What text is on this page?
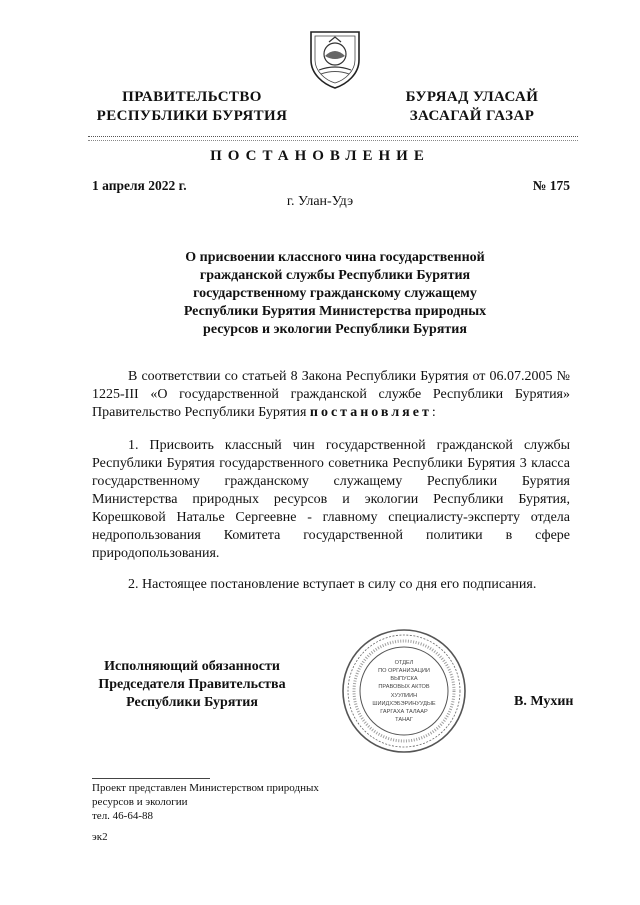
ПРАВИТЕЛЬСТВО
РЕСПУБЛИКИ БУРЯТИЯ
БУРЯАД УЛАСАЙ
ЗАСАГАЙ ГАЗАР
ПОСТАНОВЛЕНИЕ
1 апреля 2022 г.	№ 175
г. Улан-Удэ
О присвоении классного чина государственной
гражданской службы Республики Бурятия
государственному гражданскому служащему
Республики Бурятия Министерства природных
ресурсов и экологии Республики Бурятия
В соответствии со статьей 8 Закона Республики Бурятия от 06.07.2005 № 1225-III «О государственной гражданской службе Республики Бурятия» Правительство Республики Бурятия постановляет:
1. Присвоить классный чин государственной гражданской службы Республики Бурятия государственного советника Республики Бурятия 3 класса государственному гражданскому служащему Республики Бурятия Министерства природных ресурсов и экологии Республики Бурятия, Корешковой Наталье Сергеевне - главному специалисту-эксперту отдела недропользования Комитета государственной политики в сфере природопользования.
2. Настоящее постановление вступает в силу со дня его подписания.
Исполняющий обязанности
Председателя Правительства
Республики Бурятия
ОТДЕЛ
ПО ОРГАНИЗАЦИИ
ВЫПУСКА
ПРАВОВЫХ АКТОВ
ХУУЛИИН
ШИИДХЭБЭРИНУУДЫЕ
ГАРГАХА ТАЛААР
ТАНАГ
В. Мухин
Проект представлен Министерством природных
ресурсов и экологии
тел. 46-64-88
эк2
